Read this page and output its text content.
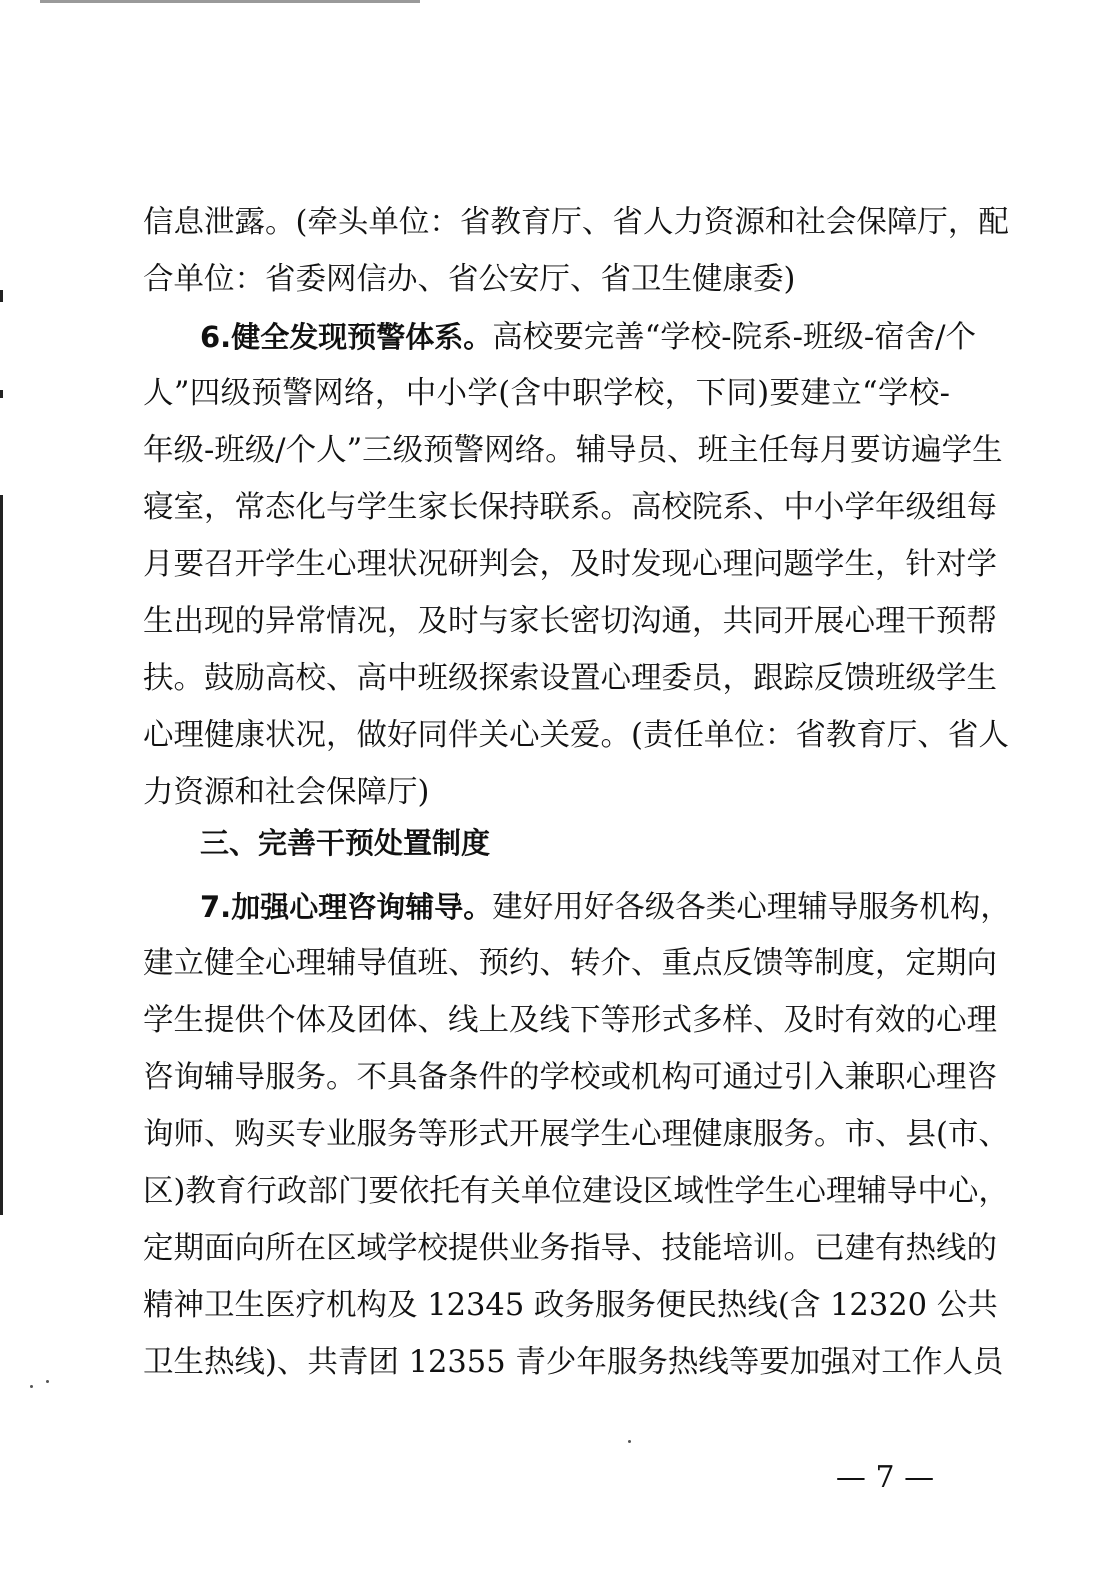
信息泄露。(牵头单位：省教育厅、省人力资源和社会保障厅，配
合单位：省委网信办、省公安厅、省卫生健康委)
6.健全发现预警体系。高校要完善“学校-院系-班级-宿舍/个
人”四级预警网络，中小学(含中职学校，下同)要建立“学校-
年级-班级/个人”三级预警网络。辅导员、班主任每月要访遍学生
寝室，常态化与学生家长保持联系。高校院系、中小学年级组每
月要召开学生心理状况研判会，及时发现心理问题学生，针对学
生出现的异常情况，及时与家长密切沟通，共同开展心理干预帮
扶。鼓励高校、高中班级探索设置心理委员，跟踪反馈班级学生
心理健康状况，做好同伴关心关爱。(责任单位：省教育厅、省人
力资源和社会保障厅)
三、完善干预处置制度
7.加强心理咨询辅导。建好用好各级各类心理辅导服务机构，
建立健全心理辅导值班、预约、转介、重点反馈等制度，定期向
学生提供个体及团体、线上及线下等形式多样、及时有效的心理
咨询辅导服务。不具备条件的学校或机构可通过引入兼职心理咨
询师、购买专业服务等形式开展学生心理健康服务。市、县(市、
区)教育行政部门要依托有关单位建设区域性学生心理辅导中心，
定期面向所在区域学校提供业务指导、技能培训。已建有热线的
精神卫生医疗机构及 12345 政务服务便民热线(含 12320 公共
卫生热线)、共青团 12355 青少年服务热线等要加强对工作人员
— 7 —
